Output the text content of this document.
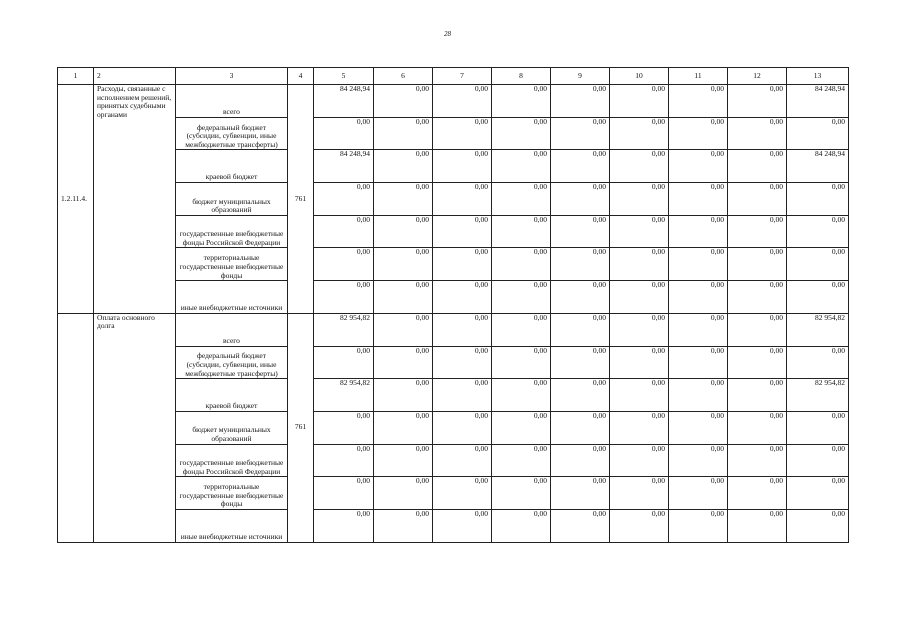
28
1	2	3	4	5	6	7	8	9	10	11	12	13
1.2.11.4.	Расходы, связанные с исполнением решений, принятых судебными органами	всего	761	84 248,94	0,00	0,00	0,00	0,00	0,00	0,00	0,00	84 248,94
		федеральный бюджет (субсидии, субвенции, иные межбюджетные трансферты)		0,00	0,00	0,00	0,00	0,00	0,00	0,00	0,00	0,00
		краевой бюджет		84 248,94	0,00	0,00	0,00	0,00	0,00	0,00	0,00	84 248,94
		бюджет муниципальных образований		0,00	0,00	0,00	0,00	0,00	0,00	0,00	0,00	0,00
		государственные внебюджетные фонды Российской Федерации		0,00	0,00	0,00	0,00	0,00	0,00	0,00	0,00	0,00
		территориальные государственные внебюджетные фонды		0,00	0,00	0,00	0,00	0,00	0,00	0,00	0,00	0,00
		иные внебюджетные источники		0,00	0,00	0,00	0,00	0,00	0,00	0,00	0,00	0,00
	Оплата основного долга	всего	761	82 954,82	0,00	0,00	0,00	0,00	0,00	0,00	0,00	82 954,82
		федеральный бюджет (субсидии, субвенции, иные межбюджетные трансферты)		0,00	0,00	0,00	0,00	0,00	0,00	0,00	0,00	0,00
		краевой бюджет		82 954,82	0,00	0,00	0,00	0,00	0,00	0,00	0,00	82 954,82
		бюджет муниципальных образований		0,00	0,00	0,00	0,00	0,00	0,00	0,00	0,00	0,00
		государственные внебюджетные фонды Российской Федерации		0,00	0,00	0,00	0,00	0,00	0,00	0,00	0,00	0,00
		территориальные государственные внебюджетные фонды		0,00	0,00	0,00	0,00	0,00	0,00	0,00	0,00	0,00
		иные внебюджетные источники		0,00	0,00	0,00	0,00	0,00	0,00	0,00	0,00	0,00
